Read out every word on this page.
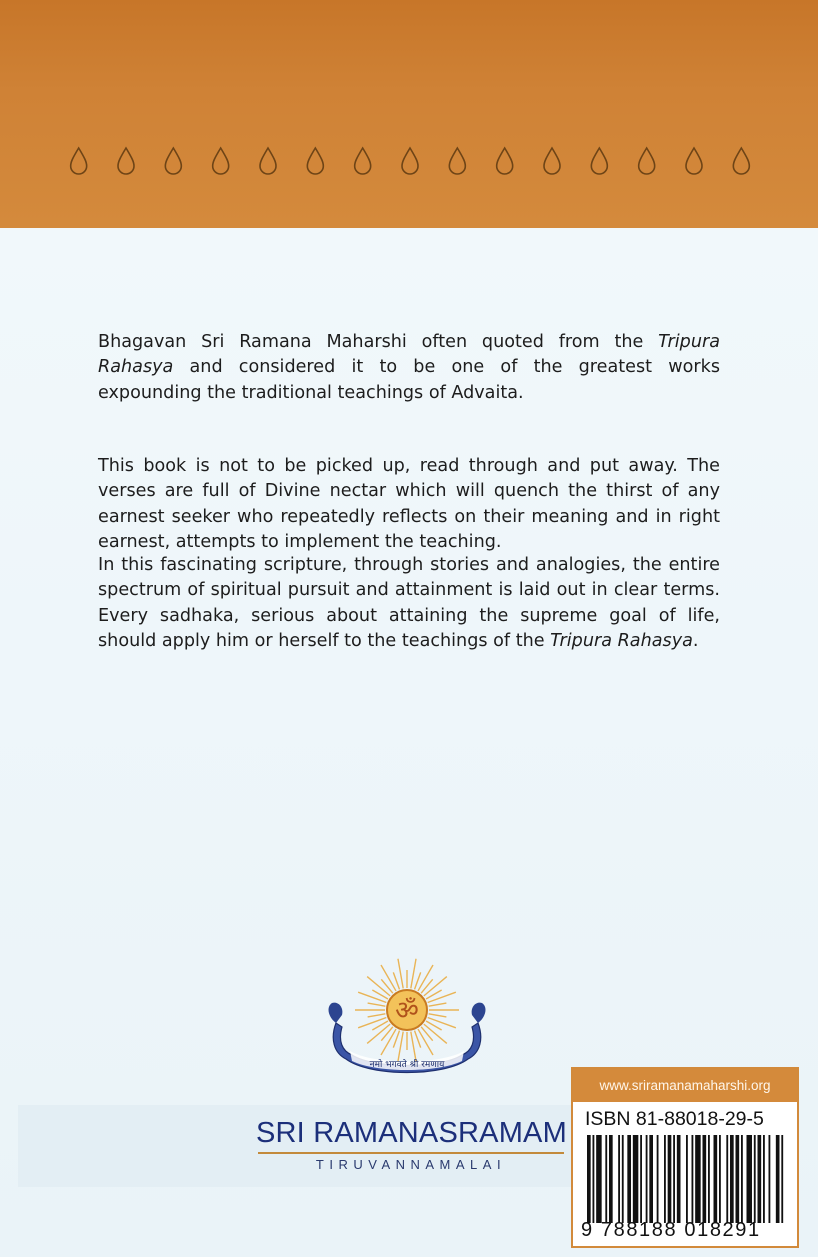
Bhagavan Sri Ramana Maharshi often quoted from the Tripura Rahasya and considered it to be one of the greatest works expounding the traditional teachings of Advaita.

This book is not to be picked up, read through and put away. The verses are full of Divine nectar which will quench the thirst of any earnest seeker who repeatedly reflects on their meaning and in right earnest, attempts to implement the teaching.

In this fascinating scripture, through stories and analogies, the entire spectrum of spiritual pursuit and attainment is laid out in clear terms. Every sadhaka, serious about attaining the supreme goal of life, should apply him or herself to the teachings of the Tripura Rahasya.

ॐ
नमो भगवते श्री रमणाय
SRI RAMANASRAMAM
TIRUVANNAMALAI
www.sriramanamaharshi.org
ISBN 81-88018-29-5
9 788188 018291
